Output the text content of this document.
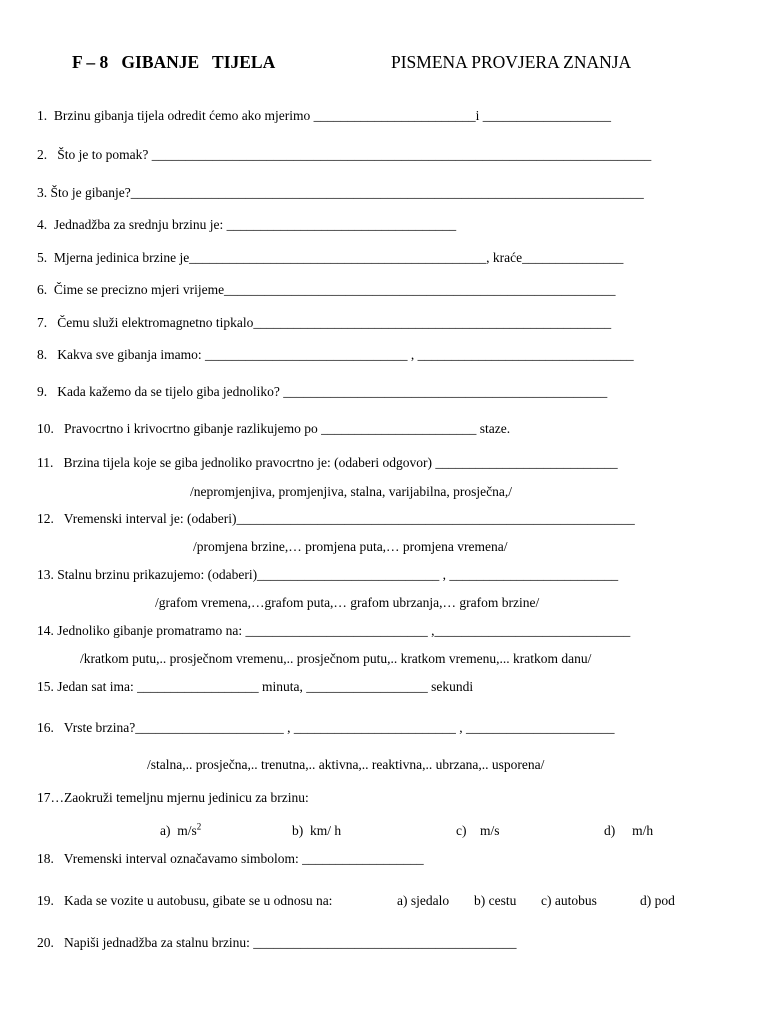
F – 8   GIBANJE   TIJELA	PISMENA PROVJERA ZNANJA
1.  Brzinu gibanja tijela odredit ćemo ako mjerimo ________________________i ___________________
2.   Što je to pomak? __________________________________________________________________________
3. Što je gibanje?____________________________________________________________________________
4.  Jednadžba za srednju brzinu je: __________________________________
5.  Mjerna jedinica brzine je____________________________________________, kraće_______________
6.  Čime se precizno mjeri vrijeme__________________________________________________________
7.   Čemu služi elektromagnetno tipkalo_____________________________________________________
8.   Kakva sve gibanja imamo: ______________________________ , ________________________________
9.   Kada kažemo da se tijelo giba jednoliko? ________________________________________________
10.   Pravocrtno i krivocrtno gibanje razlikujemo po _______________________ staze.
11.   Brzina tijela koje se giba jednoliko pravocrtno je: (odaberi odgovor) ___________________________
/nepromjenjiva, promjenjiva, stalna, varijabilna, prosječna,/
12.   Vremenski interval je: (odaberi)___________________________________________________________
/promjena brzine,… promjena puta,… promjena vremena/
13. Stalnu brzinu prikazujemo: (odaberi)___________________________ , _________________________
/grafom vremena,…grafom puta,… grafom ubrzanja,… grafom brzine/
14. Jednoliko gibanje promatramo na: ___________________________ ,_____________________________
/kratkom putu,.. prosječnom vremenu,.. prosječnom putu,.. kratkom vremenu,... kratkom danu/
15. Jedan sat ima: __________________ minuta, __________________ sekundi
16.   Vrste brzina?______________________ , ________________________ , ______________________
/stalna,.. prosječna,.. trenutna,.. aktivna,.. reaktivna,.. ubrzana,.. usporena/
17…Zaokruži temeljnu mjernu jedinicu za brzinu:
a)  $m/s^2$	b)  km/ h	c)    m/s	d)     m/h
18.   Vremenski interval označavamo simbolom: __________________
19.   Kada se vozite u autobusu, gibate se u odnosu na:	a) sjedalo b) cestu c) autobus	d) pod
20.   Napiši jednadžba za stalnu brzinu: _______________________________________
